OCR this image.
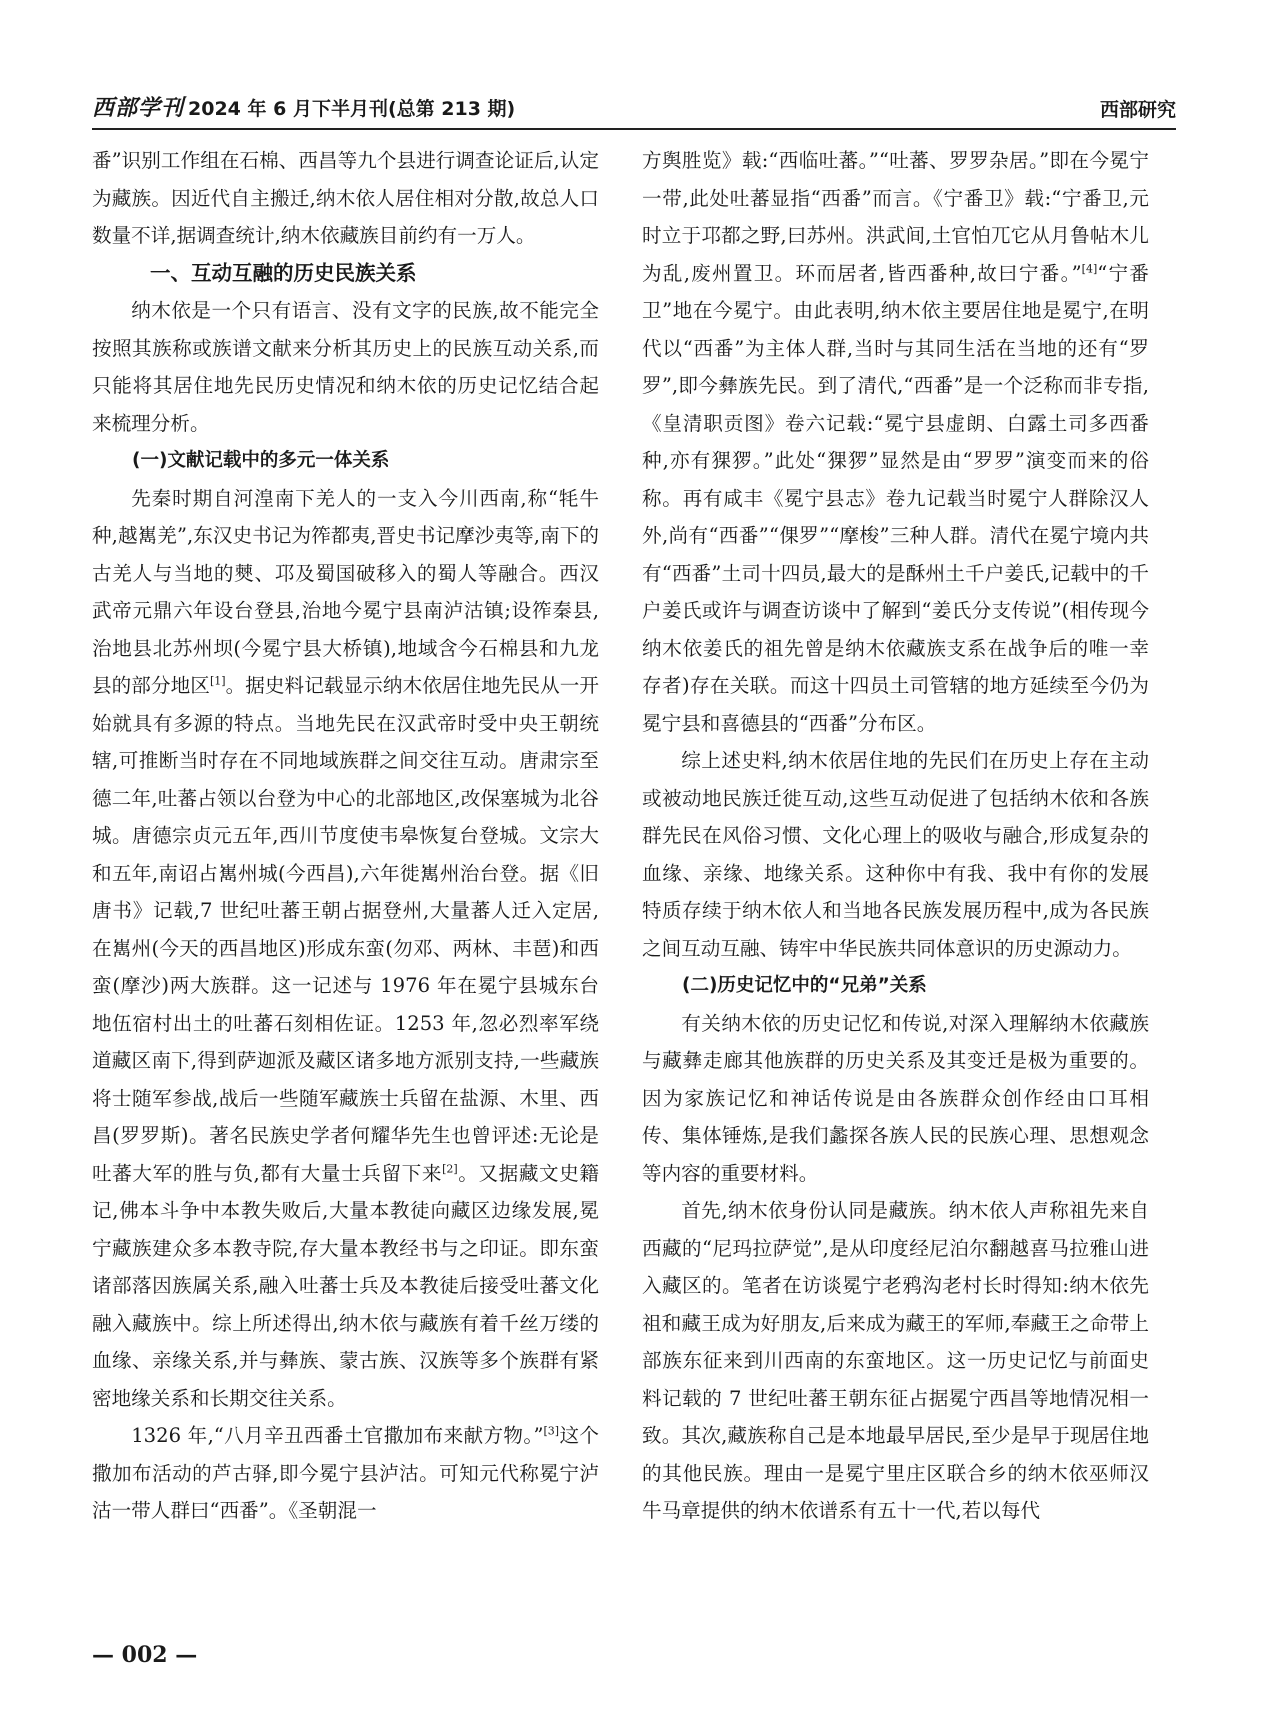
西部学刊 2024 年 6 月下半月刊(总第 213 期)	西部研究

番”识别工作组在石棉、西昌等九个县进行调查论证后,认定为藏族。因近代自主搬迁,纳木依人居住相对分散,故总人口数量不详,据调查统计,纳木依藏族目前约有一万人。

一、互动互融的历史民族关系

纳木依是一个只有语言、没有文字的民族,故不能完全按照其族称或族谱文献来分析其历史上的民族互动关系,而只能将其居住地先民历史情况和纳木依的历史记忆结合起来梳理分析。

(一)文献记载中的多元一体关系

先秦时期自河湟南下羌人的一支入今川西南,称“牦牛种,越嶲羌”,东汉史书记为筰都夷,晋史书记摩沙夷等,南下的古羌人与当地的僰、邛及蜀国破移入的蜀人等融合。西汉武帝元鼎六年设台登县,治地今冕宁县南泸沽镇;设筰秦县,治地县北苏州坝(今冕宁县大桥镇),地域含今石棉县和九龙县的部分地区[1]。据史料记载显示纳木依居住地先民从一开始就具有多源的特点。当地先民在汉武帝时受中央王朝统辖,可推断当时存在不同地域族群之间交往互动。唐肃宗至德二年,吐蕃占领以台登为中心的北部地区,改保塞城为北谷城。唐德宗贞元五年,西川节度使韦皋恢复台登城。文宗大和五年,南诏占嶲州城(今西昌),六年徙嶲州治台登。据《旧唐书》记载,7 世纪吐蕃王朝占据登州,大量蕃人迁入定居,在嶲州(今天的西昌地区)形成东蛮(勿邓、两林、丰琶)和西蛮(摩沙)两大族群。这一记述与 1976 年在冕宁县城东台地伍宿村出土的吐蕃石刻相佐证。1253 年,忽必烈率军绕道藏区南下,得到萨迦派及藏区诸多地方派别支持,一些藏族将士随军参战,战后一些随军藏族士兵留在盐源、木里、西昌(罗罗斯)。著名民族史学者何耀华先生也曾评述:无论是吐蕃大军的胜与负,都有大量士兵留下来[2]。又据藏文史籍记,佛本斗争中本教失败后,大量本教徒向藏区边缘发展,冕宁藏族建众多本教寺院,存大量本教经书与之印证。即东蛮诸部落因族属关系,融入吐蕃士兵及本教徒后接受吐蕃文化融入藏族中。综上所述得出,纳木依与藏族有着千丝万缕的血缘、亲缘关系,并与彝族、蒙古族、汉族等多个族群有紧密地缘关系和长期交往关系。

1326 年,“八月辛丑西番土官撒加布来献方物。”[3]这个撒加布活动的芦古驿,即今冕宁县泸沽。可知元代称冕宁泸沽一带人群曰“西番”。《圣朝混一

方舆胜览》载:“西临吐蕃。”“吐蕃、罗罗杂居。”即在今冕宁一带,此处吐蕃显指“西番”而言。《宁番卫》载:“宁番卫,元时立于邛都之野,曰苏州。洪武间,土官怕兀它从月鲁帖木儿为乱,废州置卫。环而居者,皆西番种,故曰宁番。”[4]“宁番卫”地在今冕宁。由此表明,纳木依主要居住地是冕宁,在明代以“西番”为主体人群,当时与其同生活在当地的还有“罗罗”,即今彝族先民。到了清代,“西番”是一个泛称而非专指,《皇清职贡图》卷六记载:“冕宁县虚朗、白露土司多西番种,亦有猓猡。”此处“猓猡”显然是由“罗罗”演变而来的俗称。再有咸丰《冕宁县志》卷九记载当时冕宁人群除汉人外,尚有“西番”“倮罗”“摩梭”三种人群。清代在冕宁境内共有“西番”土司十四员,最大的是酥州土千户姜氏,记载中的千户姜氏或许与调查访谈中了解到“姜氏分支传说”(相传现今纳木依姜氏的祖先曾是纳木依藏族支系在战争后的唯一幸存者)存在关联。而这十四员土司管辖的地方延续至今仍为冕宁县和喜德县的“西番”分布区。

综上述史料,纳木依居住地的先民们在历史上存在主动或被动地民族迁徙互动,这些互动促进了包括纳木依和各族群先民在风俗习惯、文化心理上的吸收与融合,形成复杂的血缘、亲缘、地缘关系。这种你中有我、我中有你的发展特质存续于纳木依人和当地各民族发展历程中,成为各民族之间互动互融、铸牢中华民族共同体意识的历史源动力。

(二)历史记忆中的“兄弟”关系

有关纳木依的历史记忆和传说,对深入理解纳木依藏族与藏彝走廊其他族群的历史关系及其变迁是极为重要的。因为家族记忆和神话传说是由各族群众创作经由口耳相传、集体锤炼,是我们蠡探各族人民的民族心理、思想观念等内容的重要材料。

首先,纳木依身份认同是藏族。纳木依人声称祖先来自西藏的“尼玛拉萨觉”,是从印度经尼泊尔翻越喜马拉雅山进入藏区的。笔者在访谈冕宁老鸦沟老村长时得知:纳木依先祖和藏王成为好朋友,后来成为藏王的军师,奉藏王之命带上部族东征来到川西南的东蛮地区。这一历史记忆与前面史料记载的 7 世纪吐蕃王朝东征占据冕宁西昌等地情况相一致。其次,藏族称自己是本地最早居民,至少是早于现居住地的其他民族。理由一是冕宁里庄区联合乡的纳木依巫师汉牛马章提供的纳木依谱系有五十一代,若以每代

— 002 —
